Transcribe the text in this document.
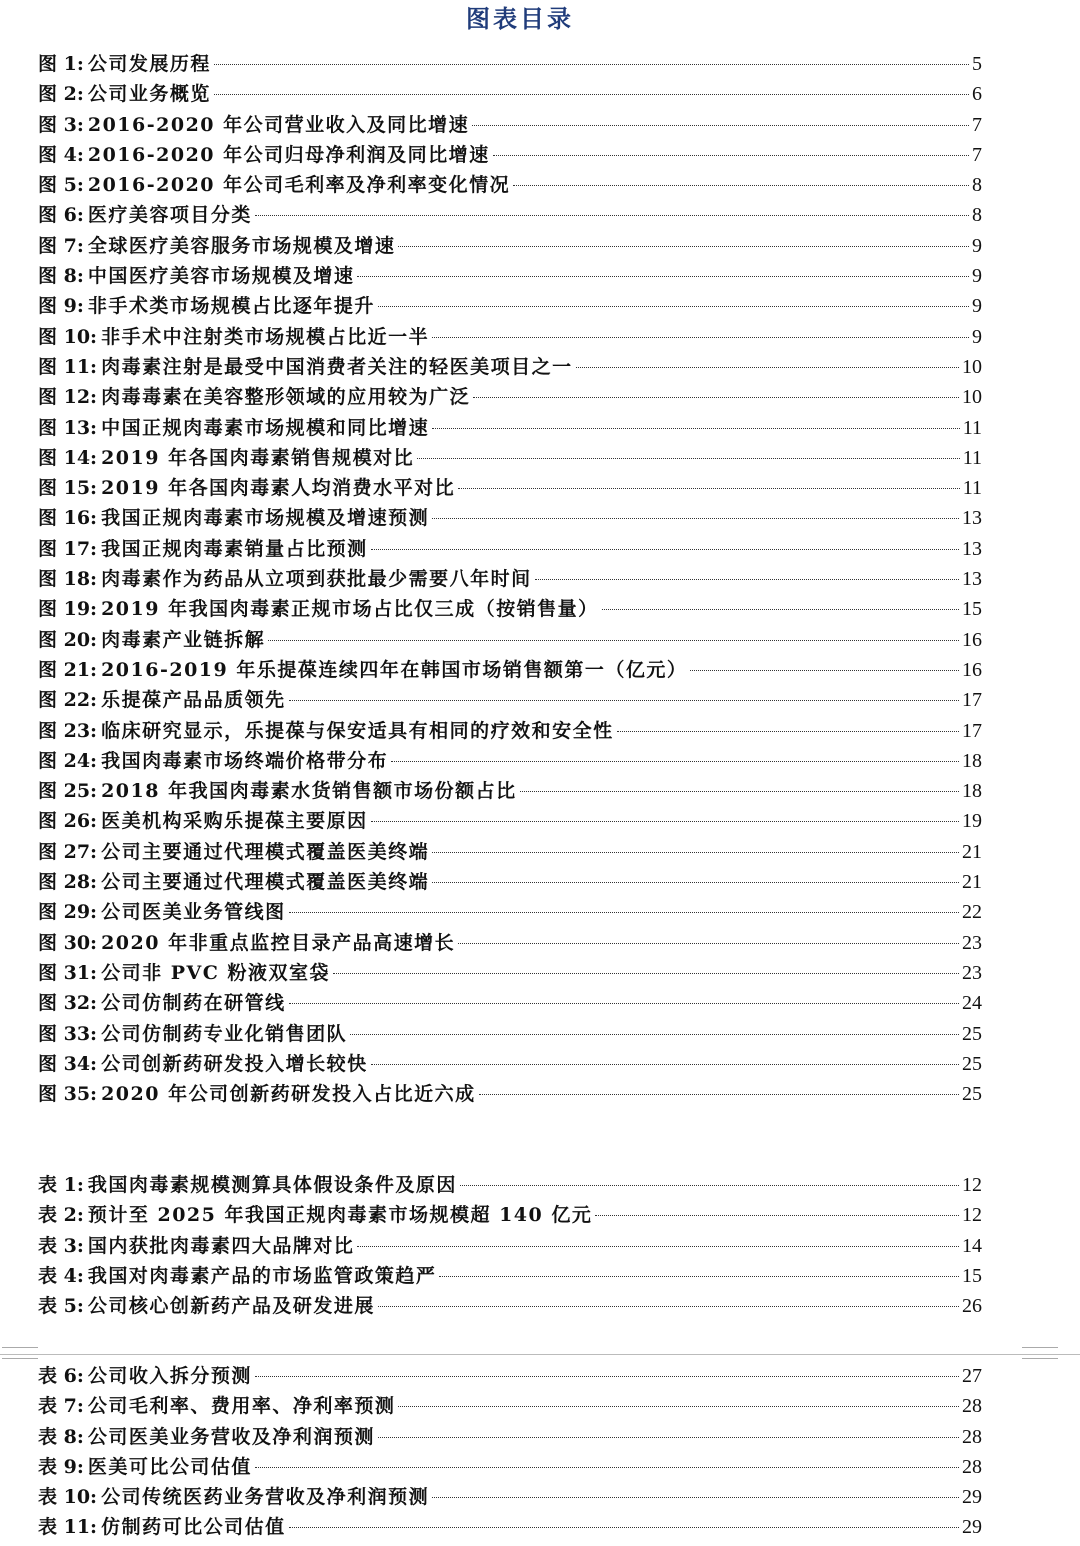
图表目录
图 1: 公司发展历程	5
图 2: 公司业务概览	6
图 3: 2016-2020 年公司营业收入及同比增速	7
图 4: 2016-2020 年公司归母净利润及同比增速	7
图 5: 2016-2020 年公司毛利率及净利率变化情况	8
图 6: 医疗美容项目分类	8
图 7: 全球医疗美容服务市场规模及增速	9
图 8: 中国医疗美容市场规模及增速	9
图 9: 非手术类市场规模占比逐年提升	9
图 10: 非手术中注射类市场规模占比近一半	9
图 11: 肉毒素注射是最受中国消费者关注的轻医美项目之一	10
图 12: 肉毒毒素在美容整形领域的应用较为广泛	10
图 13: 中国正规肉毒素市场规模和同比增速	11
图 14: 2019 年各国肉毒素销售规模对比	11
图 15: 2019 年各国肉毒素人均消费水平对比	11
图 16: 我国正规肉毒素市场规模及增速预测	13
图 17: 我国正规肉毒素销量占比预测	13
图 18: 肉毒素作为药品从立项到获批最少需要八年时间	13
图 19: 2019 年我国肉毒素正规市场占比仅三成（按销售量）	15
图 20: 肉毒素产业链拆解	16
图 21: 2016-2019 年乐提葆连续四年在韩国市场销售额第一（亿元）	16
图 22: 乐提葆产品品质领先	17
图 23: 临床研究显示，乐提葆与保安适具有相同的疗效和安全性	17
图 24: 我国肉毒素市场终端价格带分布	18
图 25: 2018 年我国肉毒素水货销售额市场份额占比	18
图 26: 医美机构采购乐提葆主要原因	19
图 27: 公司主要通过代理模式覆盖医美终端	21
图 28: 公司主要通过代理模式覆盖医美终端	21
图 29: 公司医美业务管线图	22
图 30: 2020 年非重点监控目录产品高速增长	23
图 31: 公司非 PVC 粉液双室袋	23
图 32: 公司仿制药在研管线	24
图 33: 公司仿制药专业化销售团队	25
图 34: 公司创新药研发投入增长较快	25
图 35: 2020 年公司创新药研发投入占比近六成	25
表 1: 我国肉毒素规模测算具体假设条件及原因	12
表 2: 预计至 2025 年我国正规肉毒素市场规模超 140 亿元	12
表 3: 国内获批肉毒素四大品牌对比	14
表 4: 我国对肉毒素产品的市场监管政策趋严	15
表 5: 公司核心创新药产品及研发进展	26
表 6: 公司收入拆分预测	27
表 7: 公司毛利率、费用率、净利率预测	28
表 8: 公司医美业务营收及净利润预测	28
表 9: 医美可比公司估值	28
表 10: 公司传统医药业务营收及净利润预测	29
表 11: 仿制药可比公司估值	29
